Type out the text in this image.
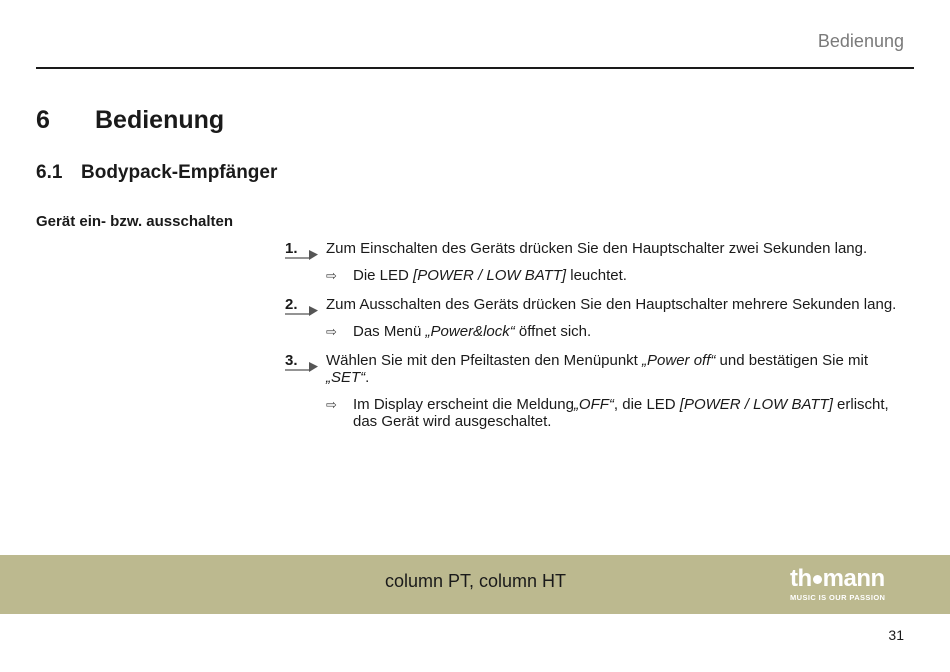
Bedienung
6	Bedienung
6.1 Bodypack-Empfänger
Gerät ein- bzw. ausschalten
1. Zum Einschalten des Geräts drücken Sie den Hauptschalter zwei Sekunden lang.
⇨	Die LED [POWER / LOW BATT] leuchtet.
2. Zum Ausschalten des Geräts drücken Sie den Hauptschalter mehrere Sekunden lang.
⇨	Das Menü „Power&lock“ öffnet sich.
3. Wählen Sie mit den Pfeiltasten den Menüpunkt „Power off“ und bestätigen Sie mit „SET“.
⇨	Im Display erscheint die Meldung„OFF“, die LED [POWER / LOW BATT] erlischt, das Gerät wird ausgeschaltet.
column PT, column HT	th mann
MUSIC IS OUR PASSION
31
